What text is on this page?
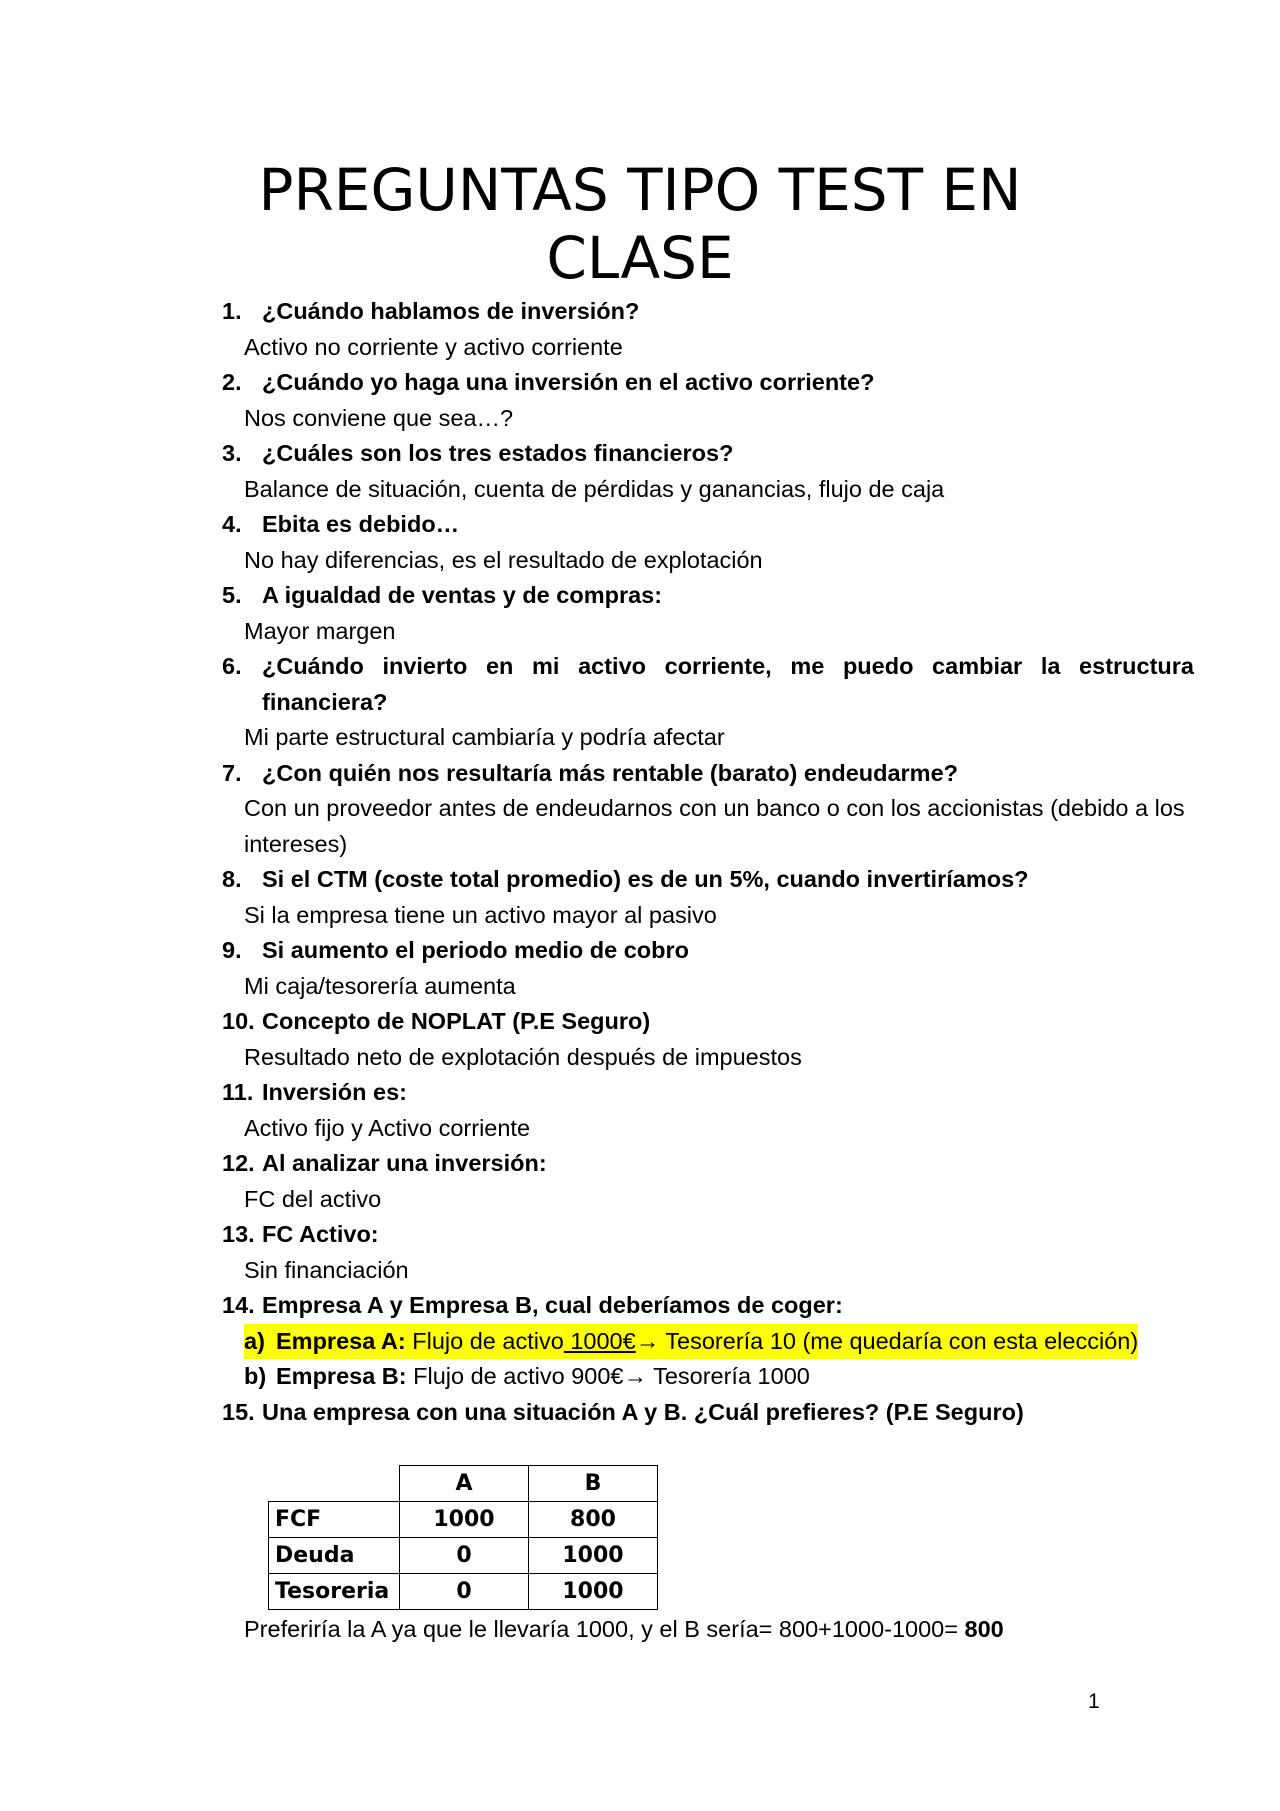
PREGUNTAS TIPO TEST EN CLASE
1. ¿Cuándo hablamos de inversión?
Activo no corriente y activo corriente
2. ¿Cuándo yo haga una inversión en el activo corriente?
Nos conviene que sea…?
3. ¿Cuáles son los tres estados financieros?
Balance de situación, cuenta de pérdidas y ganancias, flujo de caja
4. Ebita es debido…
No hay diferencias, es el resultado de explotación
5. A igualdad de ventas y de compras:
Mayor margen
6. ¿Cuándo invierto en mi activo corriente, me puedo cambiar la estructura financiera?
Mi parte estructural cambiaría y podría afectar
7. ¿Con quién nos resultaría más rentable (barato) endeudarme?
Con un proveedor antes de endeudarnos con un banco o con los accionistas (debido a los intereses)
8. Si el CTM (coste total promedio) es de un 5%, cuando invertiríamos?
Si la empresa tiene un activo mayor al pasivo
9. Si aumento el periodo medio de cobro
Mi caja/tesorería aumenta
10. Concepto de NOPLAT (P.E Seguro)
Resultado neto de explotación después de impuestos
11. Inversión es:
Activo fijo y Activo corriente
12. Al analizar una inversión:
FC del activo
13. FC Activo:
Sin financiación
14. Empresa A y Empresa B, cual deberíamos de coger:
a) Empresa A: Flujo de activo 1000€→ Tesorería 10 (me quedaría con esta elección)
b) Empresa B: Flujo de activo 900€→ Tesorería 1000
15. Una empresa con una situación A y B. ¿Cuál prefieres? (P.E Seguro)
	A	B
FCF	1000	800
Deuda	0	1000
Tesoreria	0	1000
Preferiría la A ya que le llevaría 1000, y el B sería= 800+1000-1000= 800
1
